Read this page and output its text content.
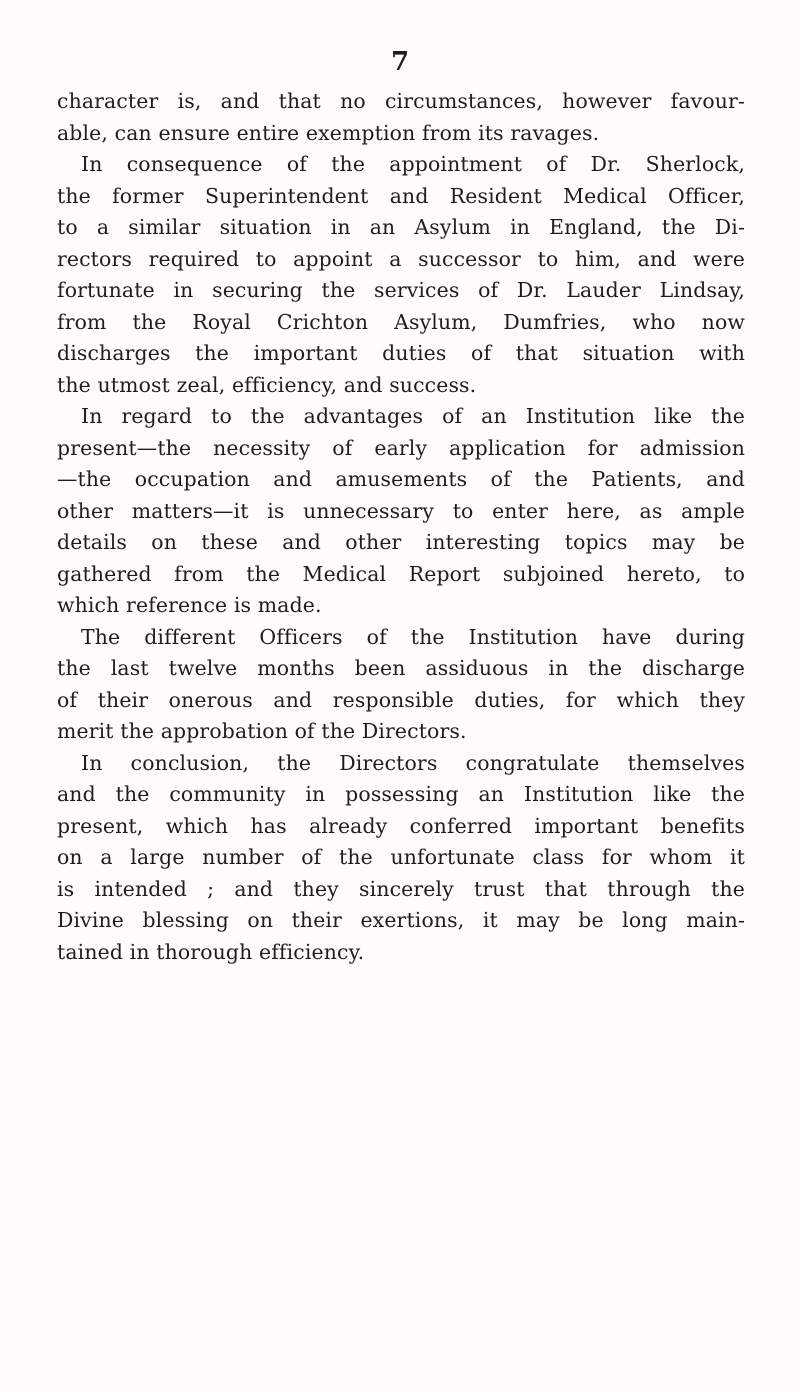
7
character is, and that no circumstances, however favour-
able, can ensure entire exemption from its ravages.
In consequence of the appointment of Dr. Sherlock,
the former Superintendent and Resident Medical Officer,
to a similar situation in an Asylum in England, the Di-
rectors required to appoint a successor to him, and were
fortunate in securing the services of Dr. Lauder Lindsay,
from the Royal Crichton Asylum, Dumfries, who now
discharges the important duties of that situation with
the utmost zeal, efficiency, and success.
In regard to the advantages of an Institution like the
present—the necessity of early application for admission
—the occupation and amusements of the Patients, and
other matters—it is unnecessary to enter here, as ample
details on these and other interesting topics may be
gathered from the Medical Report subjoined hereto, to
which reference is made.
The different Officers of the Institution have during
the last twelve months been assiduous in the discharge
of their onerous and responsible duties, for which they
merit the approbation of the Directors.
In conclusion, the Directors congratulate themselves
and the community in possessing an Institution like the
present, which has already conferred important benefits
on a large number of the unfortunate class for whom it
is intended ; and they sincerely trust that through the
Divine blessing on their exertions, it may be long main-
tained in thorough efficiency.
